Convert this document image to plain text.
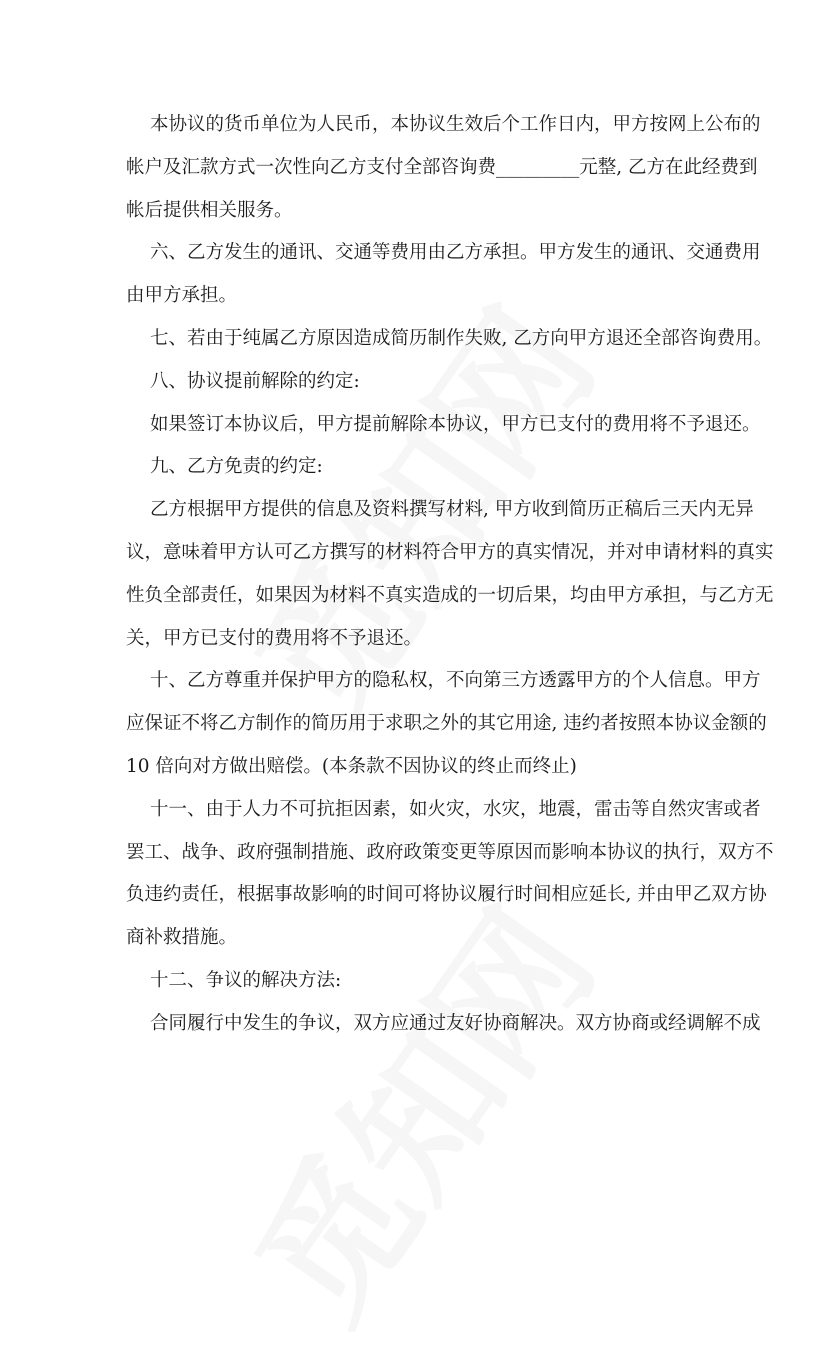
本协议的货币单位为人民币，本协议生效后个工作日内，甲方按网上公布的
帐户及汇款方式一次性向乙方支付全部咨询费_________元整, 乙方在此经费到
帐后提供相关服务。
六、乙方发生的通讯、交通等费用由乙方承担。甲方发生的通讯、交通费用
由甲方承担。
七、若由于纯属乙方原因造成简历制作失败, 乙方向甲方退还全部咨询费用。
八、协议提前解除的约定:
如果签订本协议后，甲方提前解除本协议，甲方已支付的费用将不予退还。
九、乙方免责的约定:
乙方根据甲方提供的信息及资料撰写材料, 甲方收到简历正稿后三天内无异
议，意味着甲方认可乙方撰写的材料符合甲方的真实情况，并对申请材料的真实
性负全部责任，如果因为材料不真实造成的一切后果，均由甲方承担，与乙方无
关，甲方已支付的费用将不予退还。
十、乙方尊重并保护甲方的隐私权，不向第三方透露甲方的个人信息。甲方
应保证不将乙方制作的简历用于求职之外的其它用途, 违约者按照本协议金额的
10 倍向对方做出赔偿。(本条款不因协议的终止而终止)
十一、由于人力不可抗拒因素，如火灾，水灾，地震，雷击等自然灾害或者
罢工、战争、政府强制措施、政府政策变更等原因而影响本协议的执行，双方不
负违约责任，根据事故影响的时间可将协议履行时间相应延长, 并由甲乙双方协
商补救措施。
十二、争议的解决方法:
合同履行中发生的争议，双方应通过友好协商解决。双方协商或经调解不成
